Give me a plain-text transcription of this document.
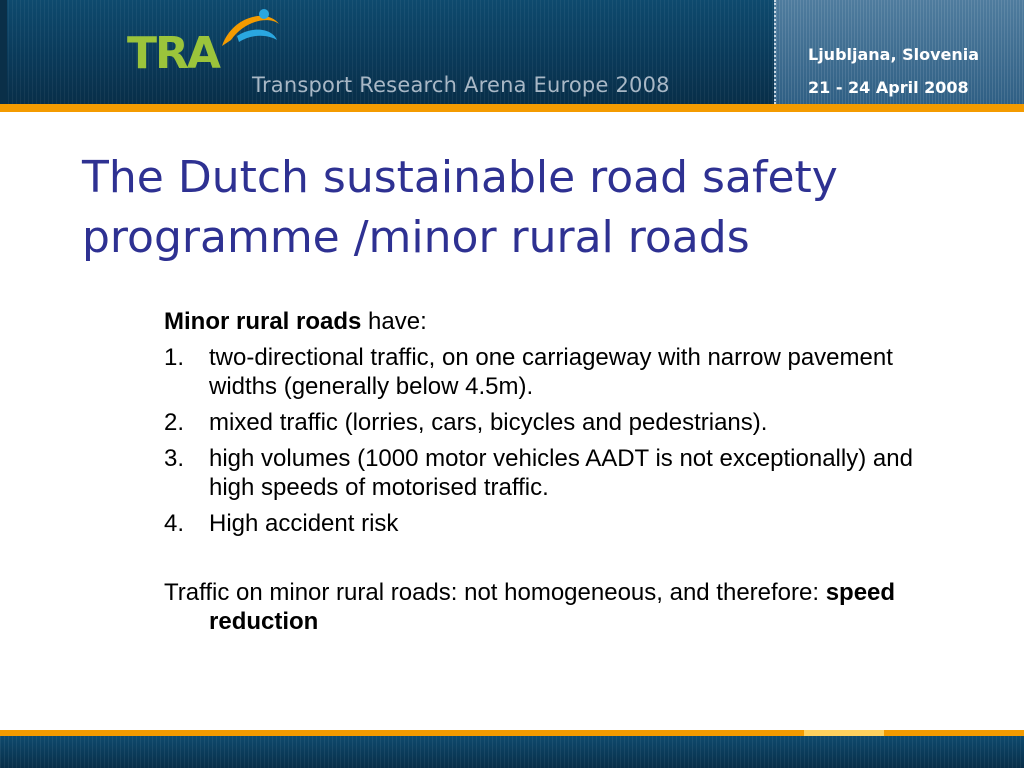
TRA
Transport Research Arena Europe 2008
Ljubljana, Slovenia
21 - 24 April 2008
The Dutch sustainable road safety programme /minor rural roads

Minor rural roads have:

1. two-directional traffic, on one carriageway with narrow pavement widths (generally below 4.5m).
2. mixed traffic (lorries, cars, bicycles and pedestrians).
3. high volumes (1000 motor vehicles AADT is not exceptionally) and high speeds of motorised traffic.
4. High accident risk

Traffic on minor rural roads: not homogeneous, and therefore: speed reduction
